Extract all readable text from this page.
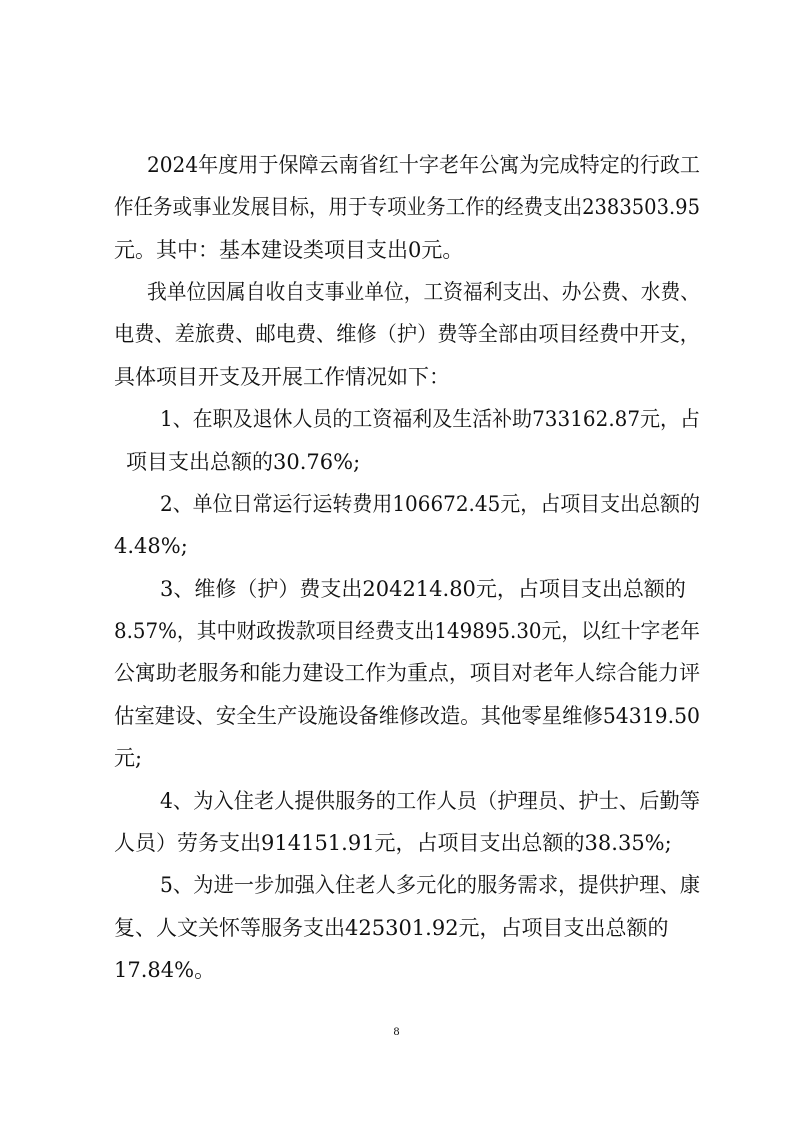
2024年度用于保障云南省红十字老年公寓为完成特定的行政工
作任务或事业发展目标，用于专项业务工作的经费支出2383503.95
元。其中：基本建设类项目支出0元。
我单位因属自收自支事业单位，工资福利支出、办公费、水费、
电费、差旅费、邮电费、维修（护）费等全部由项目经费中开支，
具体项目开支及开展工作情况如下：
1、在职及退休人员的工资福利及生活补助733162.87元，占
项目支出总额的30.76%;
2、单位日常运行运转费用106672.45元，占项目支出总额的
4.48%;
3、维修（护）费支出204214.80元，占项目支出总额的
8.57%，其中财政拨款项目经费支出149895.30元，以红十字老年
公寓助老服务和能力建设工作为重点，项目对老年人综合能力评
估室建设、安全生产设施设备维修改造。其他零星维修54319.50
元;
4、为入住老人提供服务的工作人员（护理员、护士、后勤等
人员）劳务支出914151.91元，占项目支出总额的38.35%;
5、为进一步加强入住老人多元化的服务需求，提供护理、康
复、人文关怀等服务支出425301.92元，占项目支出总额的
17.84%。
8
